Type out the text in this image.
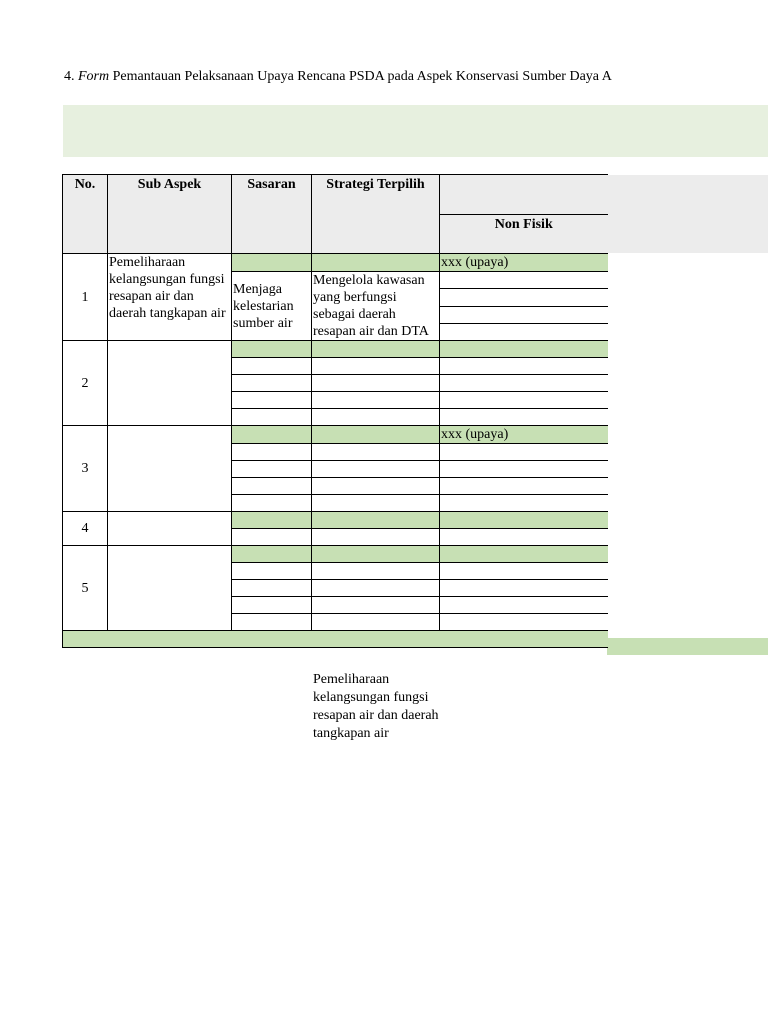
4. Form Pemantauan Pelaksanaan Upaya Rencana PSDA pada Aspek Konservasi Sumber Daya A
No.	Sub Aspek	Sasaran	Strategi Terpilih	
				Non Fisik
1	Pemeliharaan kelangsungan fungsi resapan air dan daerah tangkapan air			xxx (upaya)
		Menjaga kelestarian sumber air	Mengelola kawasan yang berfungsi sebagai daerah resapan air dan DTA	

2				

3				xxx (upaya)

4				

5				

Pemeliharaan kelangsungan fungsi resapan air dan daerah tangkapan air
